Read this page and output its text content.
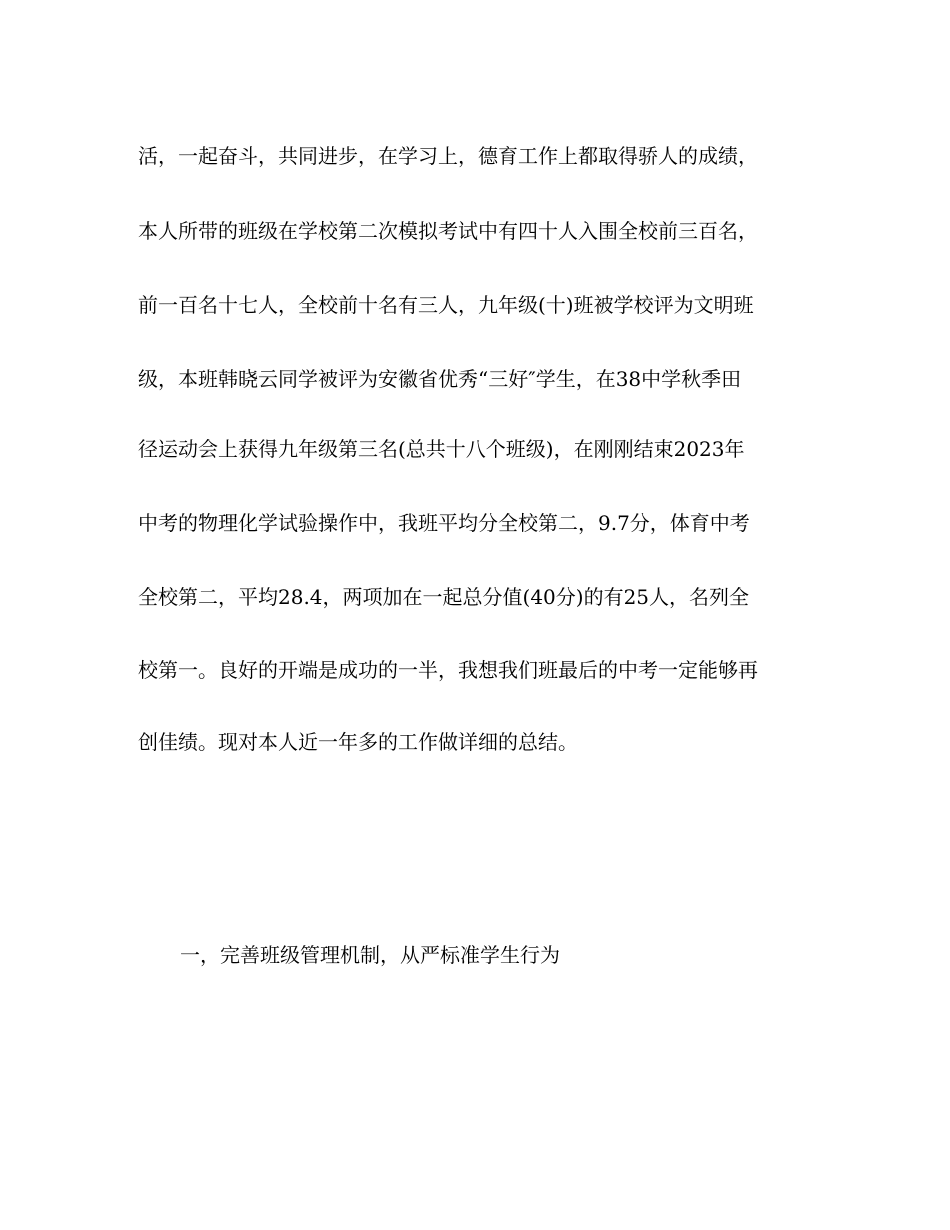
活，一起奋斗，共同进步，在学习上，德育工作上都取得骄人的成绩，
本人所带的班级在学校第二次模拟考试中有四十人入围全校前三百名，
前一百名十七人，全校前十名有三人，九年级(十)班被学校评为文明班
级，本班韩晓云同学被评为安徽省优秀“三好″学生，在38中学秋季田
径运动会上获得九年级第三名(总共十八个班级)，在刚刚结束2023年
中考的物理化学试验操作中，我班平均分全校第二，9.7分，体育中考
全校第二，平均28.4，两项加在一起总分值(40分)的有25人，名列全
校第一。良好的开端是成功的一半，我想我们班最后的中考一定能够再
创佳绩。现对本人近一年多的工作做详细的总结。
一，完善班级管理机制，从严标准学生行为
